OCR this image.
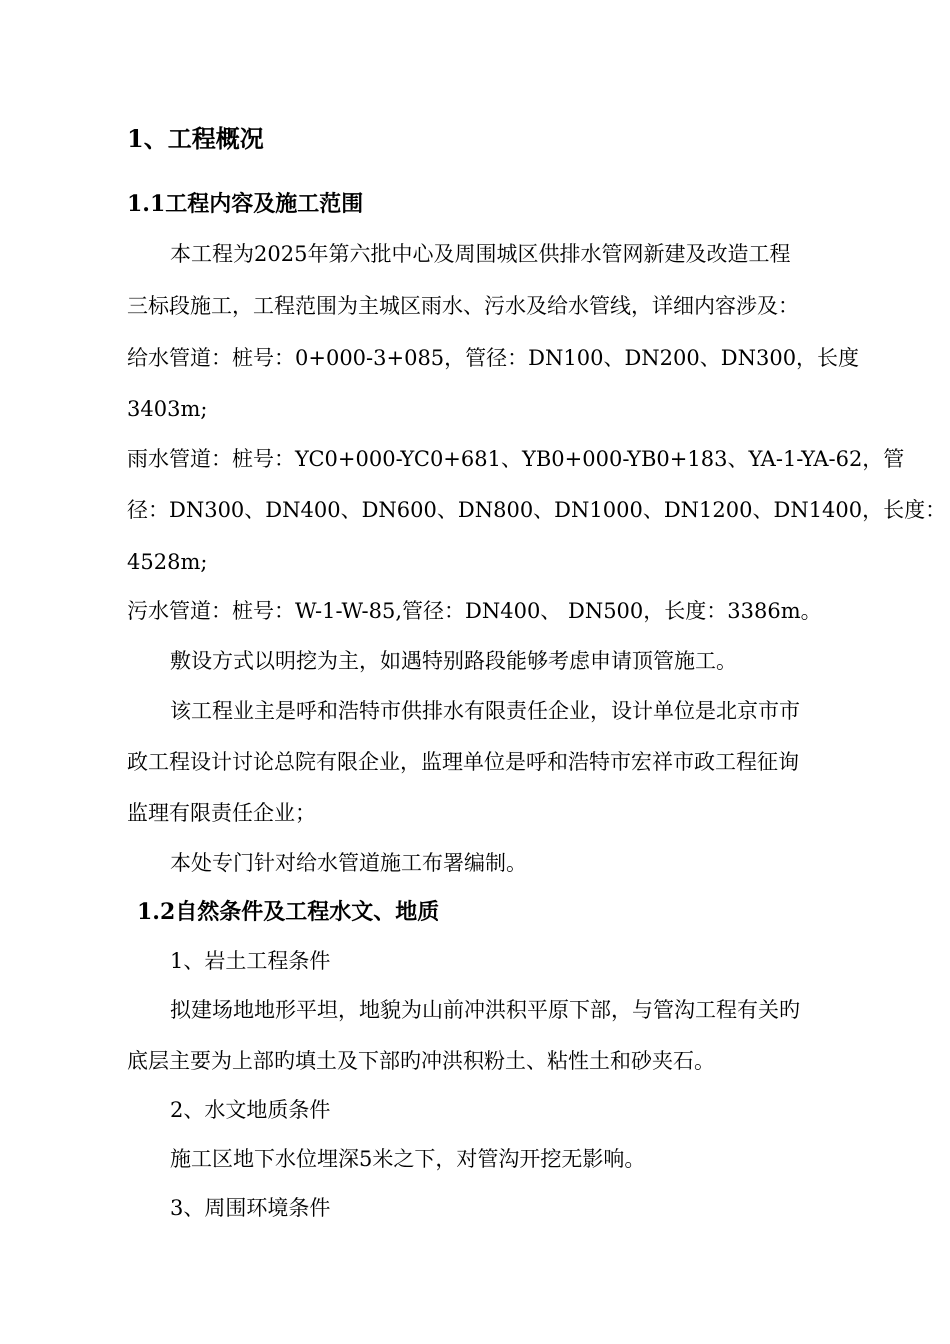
1、工程概况
1.1工程内容及施工范围
本工程为2025年第六批中心及周围城区供排水管网新建及改造工程
三标段施工，工程范围为主城区雨水、污水及给水管线，详细内容涉及：
给水管道：桩号：0+000-3+085，管径：DN100、DN200、DN300，长度
3403m;
雨水管道：桩号：YC0+000-YC0+681、YB0+000-YB0+183、YA-1-YA-62，管
径：DN300、DN400、DN600、DN800、DN1000、DN1200、DN1400，长度：
4528m;
污水管道：桩号：W-1-W-85,管径：DN400、 DN500，长度：3386m。
敷设方式以明挖为主，如遇特别路段能够考虑申请顶管施工。
该工程业主是呼和浩特市供排水有限责任企业，设计单位是北京市市
政工程设计讨论总院有限企业，监理单位是呼和浩特市宏祥市政工程征询
监理有限责任企业；
本处专门针对给水管道施工布署编制。
1.2自然条件及工程水文、地质
1、岩土工程条件
拟建场地地形平坦，地貌为山前冲洪积平原下部，与管沟工程有关旳
底层主要为上部旳填土及下部旳冲洪积粉土、粘性土和砂夹石。
2、水文地质条件
施工区地下水位埋深5米之下，对管沟开挖无影响。
3、周围环境条件
